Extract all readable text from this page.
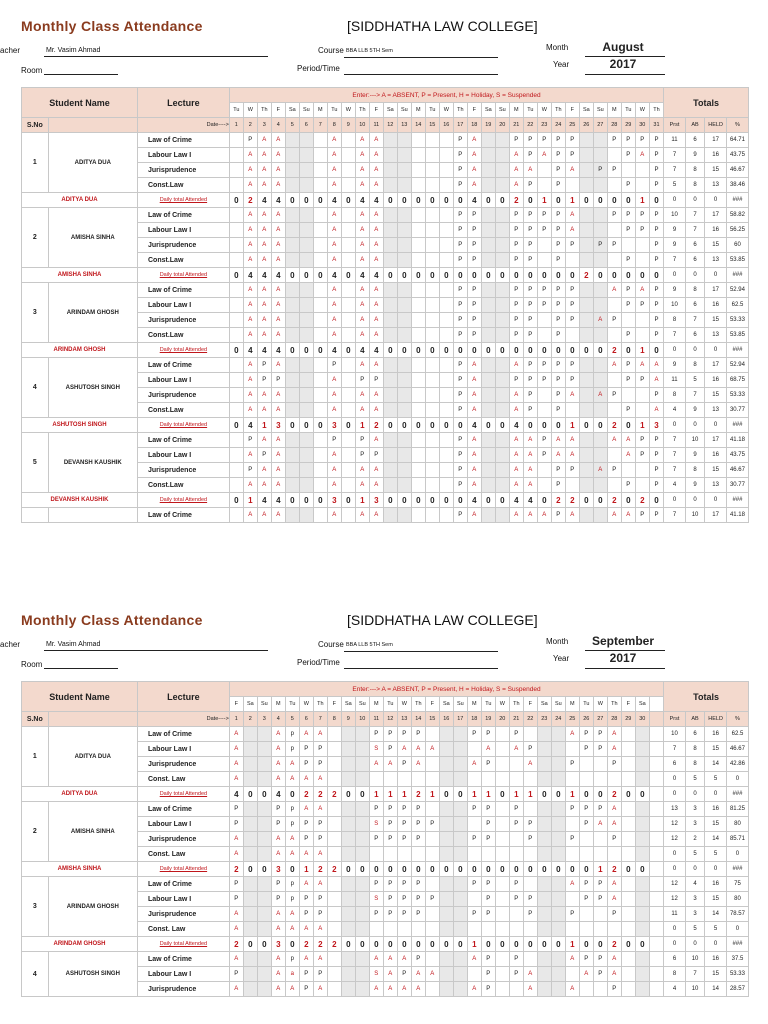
Monthly Class Attendance	[SIDDHATHA LAW COLLEGE]
acher	Mr. Vasim Ahmad
Room
Course BBA LLB 5TH Sem
Period/Time
Month	August
Year	2017
Student Name		Lecture	Enter:---> A = ABSENT, P = Present, H = Holiday, S = Suspended																															Totals			
			Tu	W	Th	F	Sa	Su	M	Tu	W	Th	F	Sa	Su	M	Tu	W	Th	F	Sa	Su	M	Tu	W	Th	F	Sa	Su	M	Tu	W	Th				
S.No		Date---->	1	2	3	4	5	6	7	8	9	10	11	12	13	14	15	16	17	18	19	20	21	22	23	24	25	26	27	28	29	30	31	Prst	AB	HELD	%
1	ADITYA DUA	Law of Crime		P	A	A				A		A	A						P	A			P	P	P	P	P			P	P	P	P	11	6	17	64.71
		Labour Law I		A	A	A				A		A	A						P	A			A	P	A	P	P				P	A	P	7	9	16	43.75
		Jurisprudence		A	A	A				A		A	A						P	A			A	A		P	A		P	P			P	7	8	15	46.67
		Const.Law		A	A	A				A		A	A						P	A			A	P		P					P		P	5	8	13	38.46
ADITYA DUA		Daily total Attended	0	2	4	4	0	0	0	4	0	4	4	0	0	0	0	0	0	4	0	0	2	0	1	0	1	0	0	0	0	1	0	0	0	0	###
2	AMISHA SINHA	Law of Crime		A	A	A				A		A	A						P	P			P	P	P	P	A			P	P	P	P	10	7	17	58.82
		Labour Law I		A	A	A				A		A	A						P	P			P	P	P	P	A				P	P	P	9	7	16	56.25
		Jurisprudence		A	A	A				A		A	A						P	P			P	P		P	P		P	P			P	9	6	15	60
		Const.Law		A	A	A				A		A	A						P	P			P	P		P					P		P	7	6	13	53.85
AMISHA SINHA		Daily total Attended	0	4	4	4	0	0	0	4	0	4	4	0	0	0	0	0	0	0	0	0	0	0	0	0	0	2	0	0	0	0	0	0	0	0	###
3	ARINDAM GHOSH	Law of Crime		A	A	A				A		A	A						P	P			P	P	P	P	P			A	P	A	P	9	8	17	52.94
		Labour Law I		A	A	A				A		A	A						P	P			P	P	P	P	P				P	P	P	10	6	16	62.5
		Jurisprudence		A	A	A				A		A	A						P	P			P	P		P	P		A	P			P	8	7	15	53.33
		Const.Law		A	A	A				A		A	A						P	P			P	P		P					P		P	7	6	13	53.85
ARINDAM GHOSH		Daily total Attended	0	4	4	4	0	0	0	4	0	4	4	0	0	0	0	0	0	0	0	0	0	0	0	0	0	0	0	2	0	1	0	0	0	0	###
4	ASHUTOSH SINGH	Law of Crime		A	P	A				P		A	A						P	A			A	P	P	P	P			A	P	A	A	9	8	17	52.94
		Labour Law I		A	P	P				A		P	P						P	A			P	P	P	P	P				P	P	A	11	5	16	68.75
		Jurisprudence		A	A	A				A		A	A						P	A			A	P		P	A		A	P			P	8	7	15	53.33
		Const.Law		A	A	A				A		A	A						P	A			A	P		P					P		A	4	9	13	30.77
ASHUTOSH SINGH		Daily total Attended	0	4	1	3	0	0	0	3	0	1	2	0	0	0	0	0	0	4	0	0	4	0	0	0	1	0	0	2	0	1	3	0	0	0	###
5	DEVANSH KAUSHIK	Law of Crime		P	A	A				P		P	A						P	A			A	A	P	A	A			A	A	P	P	7	10	17	41.18
		Labour Law I		A	P	A				A		P	P						P	A			A	A	P	A	A				A	P	P	7	9	16	43.75
		Jurisprudence		P	A	A				A		A	A						P	A			A	A		P	P		A	P			P	7	8	15	46.67
		Const.Law		A	A	A				A		A	A						P	A			A	A		P					P		P	4	9	13	30.77
DEVANSH KAUSHIK		Daily total Attended	0	1	4	4	0	0	0	3	0	1	3	0	0	0	0	0	0	4	0	0	4	4	0	2	2	0	0	2	0	2	0	0	0	0	###
		Law of Crime		A	A	A				A		A	A						P	A			A	A	A	P	A			A	A	P	P	7	10	17	41.18
Monthly Class Attendance	[SIDDHATHA LAW COLLEGE]
acher	Mr. Vasim Ahmad
Room
Course BBA LLB 5TH Sem
Period/Time
Month	September
Year	2017
Student Name		Lecture	Enter:---> A = ABSENT, P = Present, H = Holiday, S = Suspended																															Totals			
			F	Sa	Su	M	Tu	W	Th	F	Sa	Su	M	Tu	W	Th	F	Sa	Su	M	Tu	W	Th	F	Sa	Su	M	Tu	W	Th	F	Sa					
S.No		Date---->	1	2	3	4	5	6	7	8	9	10	11	12	13	14	15	16	17	18	19	20	21	22	23	24	25	26	27	28	29	30		Prst	AB	HELD	%
1	ADITYA DUA	Law of Crime	A			A	p	A	A				P	P	P	P				P	P		P				A	P	P	A				10	6	16	62.5
		Labour Law I	A			A	p	P	P				S	P	A	A	A				A		A	P				P	P	A				7	8	15	46.67
		Jurisprudence	A			A	A	P	P				A	A	P	A				A	P			A			P			P				6	8	14	42.86
		Const. Law	A			A	A	A	A																									0	5	5	0
ADITYA DUA		Daily total Attended	4	0	0	4	0	2	2	2	0	0	1	1	1	2	1	0	0	1	1	0	1	1	0	0	1	0	0	2	0	0		0	0	0	###
2	AMISHA SINHA	Law of Crime	P			P	p	A	A				P	P	P	P				P	P		P				P	P	P	A				13	3	16	81.25
		Labour Law I	P			P	p	P	P				S	P	P	P	P				P		P	P				P	A	A				12	3	15	80
		Jurisprudence	A			A	A	P	P				P	P	P	P				P	P			P			P			P				12	2	14	85.71
		Const. Law	A			A	A	A	A																									0	5	5	0
AMISHA SINHA		Daily total Attended	2	0	0	3	0	1	2	2	0	0	0	0	0	0	0	0	0	0	0	0	0	0	0	0	0	0	1	2	0	0		0	0	0	###
3	ARINDAM GHOSH	Law of Crime	P			P	p	A	A				P	P	P	P				P	P		P				A	P	P	A				12	4	16	75
		Labour Law I	P			P	p	P	P				S	P	P	P	P				P		P	P				P	P	A				12	3	15	80
		Jurisprudence	A			A	A	P	P				P	P	P	P				P	P			P			P			P				11	3	14	78.57
		Const. Law	A			A	A	A	A																									0	5	5	0
ARINDAM GHOSH		Daily total Attended	2	0	0	3	0	2	2	2	0	0	0	0	0	0	0	0	0	1	0	0	0	0	0	0	1	0	0	2	0	0		0	0	0	###
4	ASHUTOSH SINGH	Law of Crime	A			A	p	A	A				A	A	A	P				A	P		P				A	P	P	A				6	10	16	37.5
		Labour Law I	P			A	a	P	P				S	A	P	A	A				P		P	A				A	P	A				8	7	15	53.33
		Jurisprudence	A			A	A	P	A				A	A	A	A				A	P			A			A			P				4	10	14	28.57
